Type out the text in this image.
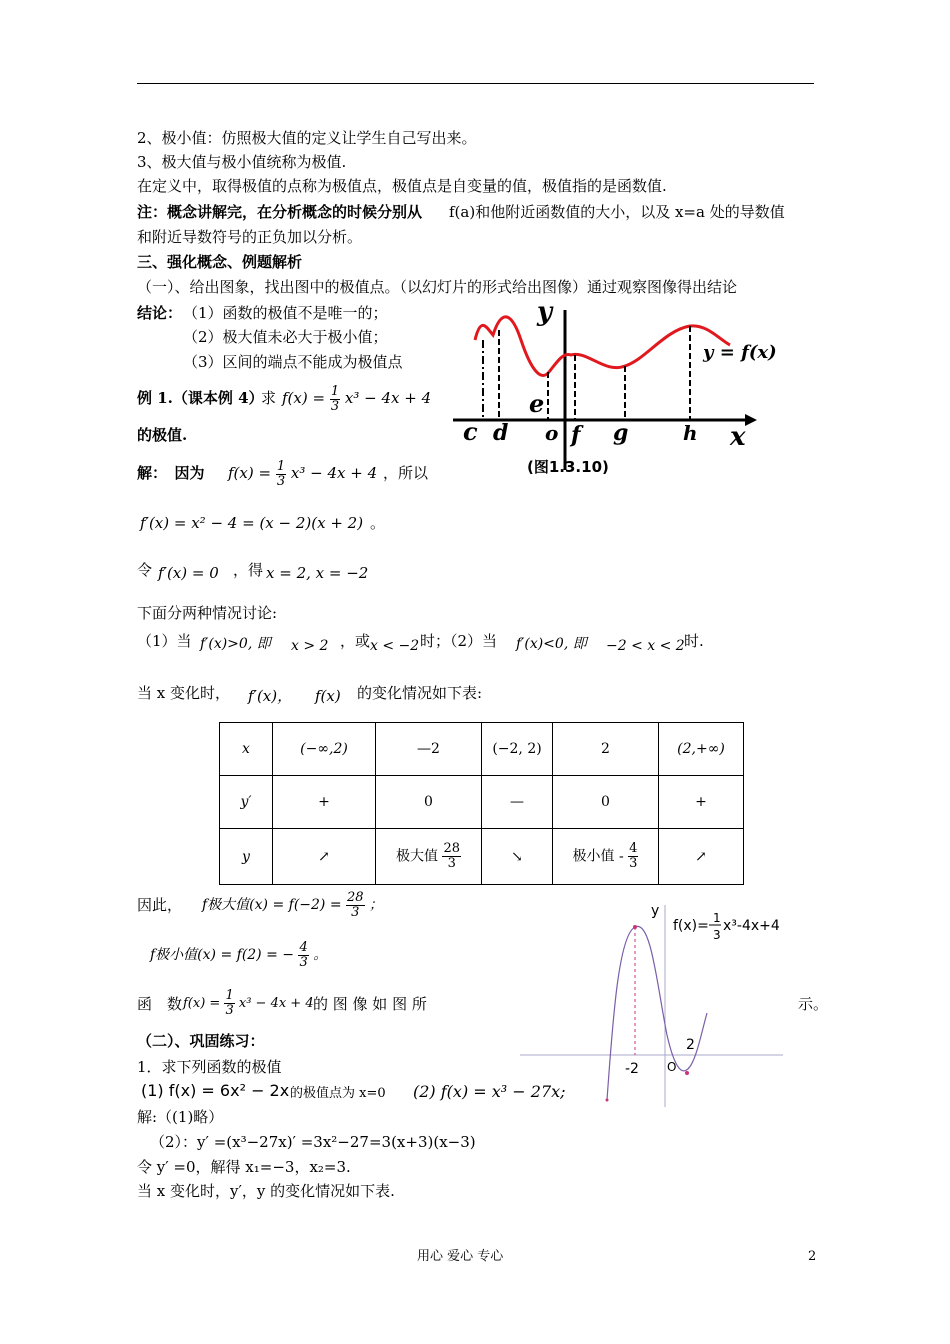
2、极小值：仿照极大值的定义让学生自己写出来。
3、极大值与极小值统称为极值.
在定义中，取得极值的点称为极值点，极值点是自变量的值，极值指的是函数值.
注：概念讲解完，在分析概念的时候分别从 f(a)和他附近函数值的大小，以及 x=a 处的导数值
和附近导数符号的正负加以分析。
三、强化概念、例题解析
（一）、给出图象，找出图中的极值点。（以幻灯片的形式给出图像）通过观察图像得出结论
结论： （1）函数的极值不是唯一的；
（2）极大值未必大于极小值；
（3）区间的端点不能成为极值点
y
x
y = f(x)
c d o f g	h
e
(图1.3.10)
例 1.（课本例 4）
求 $f(x) = \frac{1}{3} x^3 - 4x + 4$
的极值.
解：　因为 $f(x) = \frac{1}{3} x^3 - 4x + 4$ ，所以
f′(x) = x² − 4 = (x − 2)(x + 2) 。
令 f′(x) = 0 ，得 x = 2, x = −2
下面分两种情况讨论:
（1）当 f′(x)>0, 即 x > 2 ，或 x < −2 时；（2）当 f′(x)<0, 即 −2 < x < 2 时.
当 x 变化时， f′(x)， f(x) 的变化情况如下表:
x	(−∞,2)	—2	(−2, 2)	2	(2,+∞)
y′	+	0	—	0	+
y	↗	极大值 $\frac{28}{3}$	↘	极小值 - $\frac{4}{3}$	↗
因此， f极大值$(x) = f(-2) = \frac{28}{3}$ ；
f极小值(x) = f(2) = − $\frac{4}{3}$ 。
函　数 $f(x) = \frac{1}{3} x^3 - 4x + 4$ 的 图 像 如 图 所	示。
y
f(x)= 1
3
x³-4x+4
-2
2
O
（二）、巩固练习：
1．求下列函数的极值
(1) f(x) = 6x² − 2x 的极值点为 x=0 (2) f(x) = x³ − 27x;
解:（(1)略）
（2）：y′ =(x³−27x)′ =3x²−27=3(x+3)(x−3)
令 y′ =0，解得 x₁=−3，x₂=3.
当 x 变化时，y′，y 的变化情况如下表.
用心 爱心 专心	2
